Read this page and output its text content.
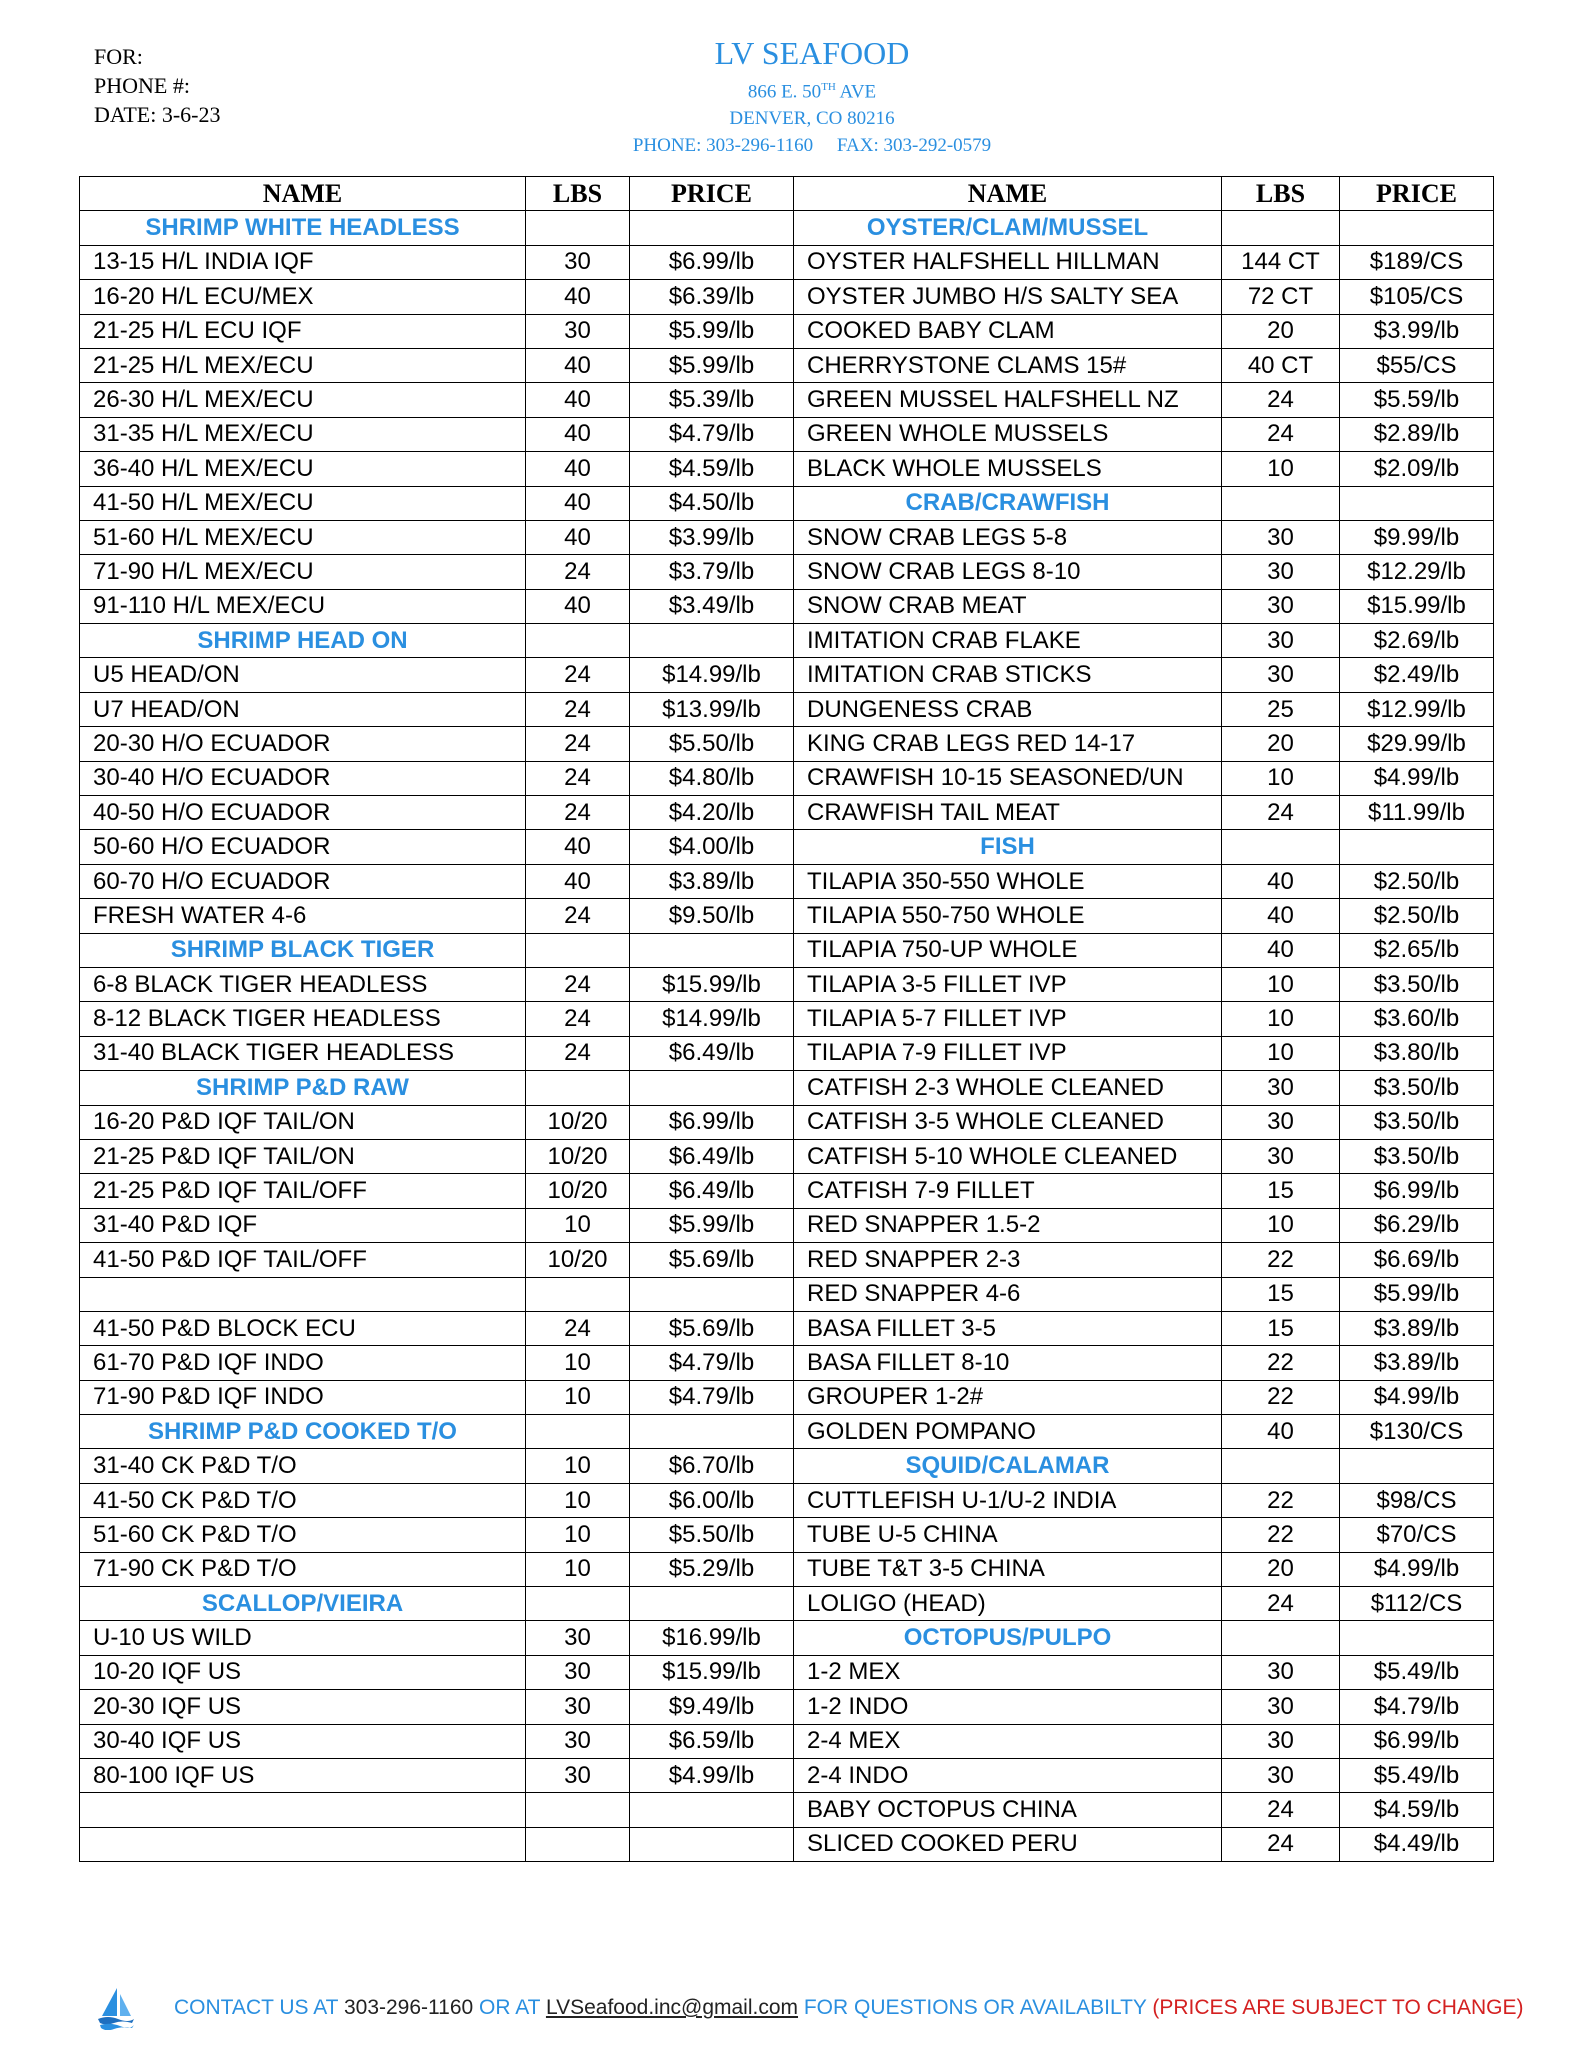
FOR:
PHONE #:
DATE: 3-6-23
LV SEAFOOD
866 E. 50TH AVE
DENVER, CO 80216
PHONE: 303-296-1160     FAX: 303-292-0579
NAME	LBS	PRICE	NAME	LBS	PRICE
SHRIMP WHITE HEADLESS			OYSTER/CLAM/MUSSEL		
13-15 H/L INDIA IQF	30	$6.99/lb	OYSTER HALFSHELL HILLMAN	144 CT	$189/CS
16-20 H/L ECU/MEX	40	$6.39/lb	OYSTER JUMBO H/S SALTY SEA	72 CT	$105/CS
21-25 H/L ECU IQF	30	$5.99/lb	COOKED BABY CLAM	20	$3.99/lb
21-25 H/L MEX/ECU	40	$5.99/lb	CHERRYSTONE CLAMS 15#	40 CT	$55/CS
26-30 H/L MEX/ECU	40	$5.39/lb	GREEN MUSSEL HALFSHELL NZ	24	$5.59/lb
31-35 H/L MEX/ECU	40	$4.79/lb	GREEN WHOLE MUSSELS	24	$2.89/lb
36-40 H/L MEX/ECU	40	$4.59/lb	BLACK WHOLE MUSSELS	10	$2.09/lb
41-50 H/L MEX/ECU	40	$4.50/lb	CRAB/CRAWFISH		
51-60 H/L MEX/ECU	40	$3.99/lb	SNOW CRAB LEGS 5-8	30	$9.99/lb
71-90 H/L MEX/ECU	24	$3.79/lb	SNOW CRAB LEGS 8-10	30	$12.29/lb
91-110 H/L MEX/ECU	40	$3.49/lb	SNOW CRAB MEAT	30	$15.99/lb
SHRIMP HEAD ON			IMITATION CRAB FLAKE	30	$2.69/lb
U5 HEAD/ON	24	$14.99/lb	IMITATION CRAB STICKS	30	$2.49/lb
U7 HEAD/ON	24	$13.99/lb	DUNGENESS CRAB	25	$12.99/lb
20-30 H/O ECUADOR	24	$5.50/lb	KING CRAB LEGS RED 14-17	20	$29.99/lb
30-40 H/O ECUADOR	24	$4.80/lb	CRAWFISH 10-15 SEASONED/UN	10	$4.99/lb
40-50 H/O ECUADOR	24	$4.20/lb	CRAWFISH TAIL MEAT	24	$11.99/lb
50-60 H/O ECUADOR	40	$4.00/lb	FISH		
60-70 H/O ECUADOR	40	$3.89/lb	TILAPIA 350-550 WHOLE	40	$2.50/lb
FRESH WATER 4-6	24	$9.50/lb	TILAPIA 550-750 WHOLE	40	$2.50/lb
SHRIMP BLACK TIGER			TILAPIA 750-UP WHOLE	40	$2.65/lb
6-8 BLACK TIGER HEADLESS	24	$15.99/lb	TILAPIA 3-5 FILLET IVP	10	$3.50/lb
8-12 BLACK TIGER HEADLESS	24	$14.99/lb	TILAPIA 5-7 FILLET IVP	10	$3.60/lb
31-40 BLACK TIGER HEADLESS	24	$6.49/lb	TILAPIA 7-9 FILLET IVP	10	$3.80/lb
SHRIMP P&D RAW			CATFISH 2-3 WHOLE CLEANED	30	$3.50/lb
16-20 P&D IQF TAIL/ON	10/20	$6.99/lb	CATFISH 3-5 WHOLE CLEANED	30	$3.50/lb
21-25 P&D IQF TAIL/ON	10/20	$6.49/lb	CATFISH 5-10 WHOLE CLEANED	30	$3.50/lb
21-25 P&D IQF TAIL/OFF	10/20	$6.49/lb	CATFISH 7-9 FILLET	15	$6.99/lb
31-40 P&D IQF	10	$5.99/lb	RED SNAPPER 1.5-2	10	$6.29/lb
41-50 P&D IQF TAIL/OFF	10/20	$5.69/lb	RED SNAPPER 2-3	22	$6.69/lb
			RED SNAPPER 4-6	15	$5.99/lb
41-50 P&D BLOCK ECU	24	$5.69/lb	BASA FILLET 3-5	15	$3.89/lb
61-70 P&D IQF INDO	10	$4.79/lb	BASA FILLET 8-10	22	$3.89/lb
71-90 P&D IQF INDO	10	$4.79/lb	GROUPER 1-2#	22	$4.99/lb
SHRIMP P&D COOKED T/O			GOLDEN POMPANO	40	$130/CS
31-40 CK P&D T/O	10	$6.70/lb	SQUID/CALAMAR		
41-50 CK P&D T/O	10	$6.00/lb	CUTTLEFISH U-1/U-2 INDIA	22	$98/CS
51-60 CK P&D T/O	10	$5.50/lb	TUBE U-5 CHINA	22	$70/CS
71-90 CK P&D T/O	10	$5.29/lb	TUBE T&T 3-5 CHINA	20	$4.99/lb
SCALLOP/VIEIRA			LOLIGO (HEAD)	24	$112/CS
U-10 US WILD	30	$16.99/lb	OCTOPUS/PULPO		
10-20 IQF US	30	$15.99/lb	1-2 MEX	30	$5.49/lb
20-30 IQF US	30	$9.49/lb	1-2 INDO	30	$4.79/lb
30-40 IQF US	30	$6.59/lb	2-4 MEX	30	$6.99/lb
80-100 IQF US	30	$4.99/lb	2-4 INDO	30	$5.49/lb
			BABY OCTOPUS CHINA	24	$4.59/lb
			SLICED COOKED PERU	24	$4.49/lb
CONTACT US AT 303-296-1160 OR AT LVSeafood.inc@gmail.com FOR QUESTIONS OR AVAILABILTY (PRICES ARE SUBJECT TO CHANGE)
